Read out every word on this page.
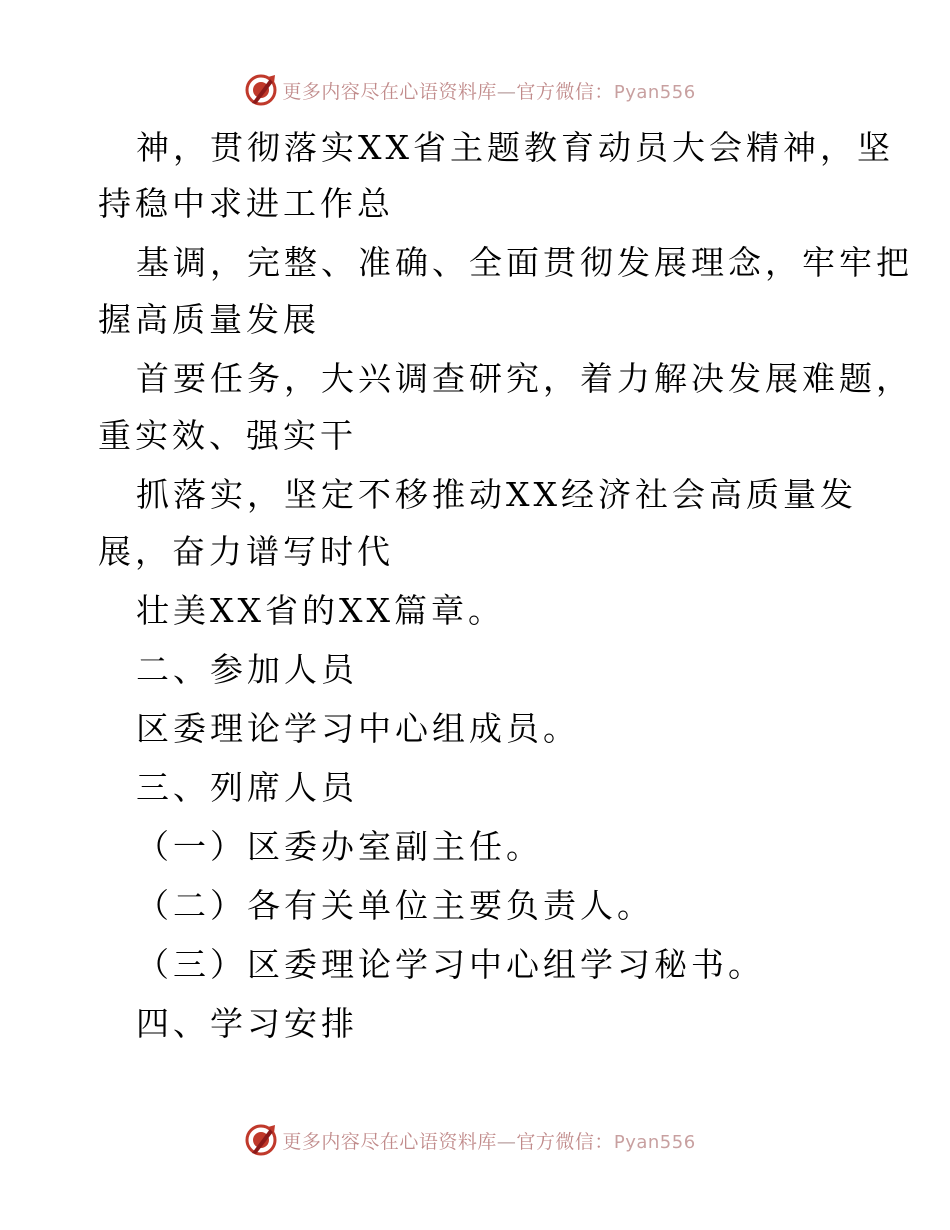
更多内容尽在心语资料库—官方微信：Pyan556
神，贯彻落实XX省主题教育动员大会精神，坚
持稳中求进工作总
基调，完整、准确、全面贯彻发展理念，牢牢把
握高质量发展
首要任务，大兴调查研究，着力解决发展难题，
重实效、强实干
抓落实，坚定不移推动XX经济社会高质量发
展，奋力谱写时代
壮美XX省的XX篇章。
二、参加人员
区委理论学习中心组成员。
三、列席人员
（一）区委办室副主任。
（二）各有关单位主要负责人。
（三）区委理论学习中心组学习秘书。
四、学习安排
更多内容尽在心语资料库—官方微信：Pyan556
